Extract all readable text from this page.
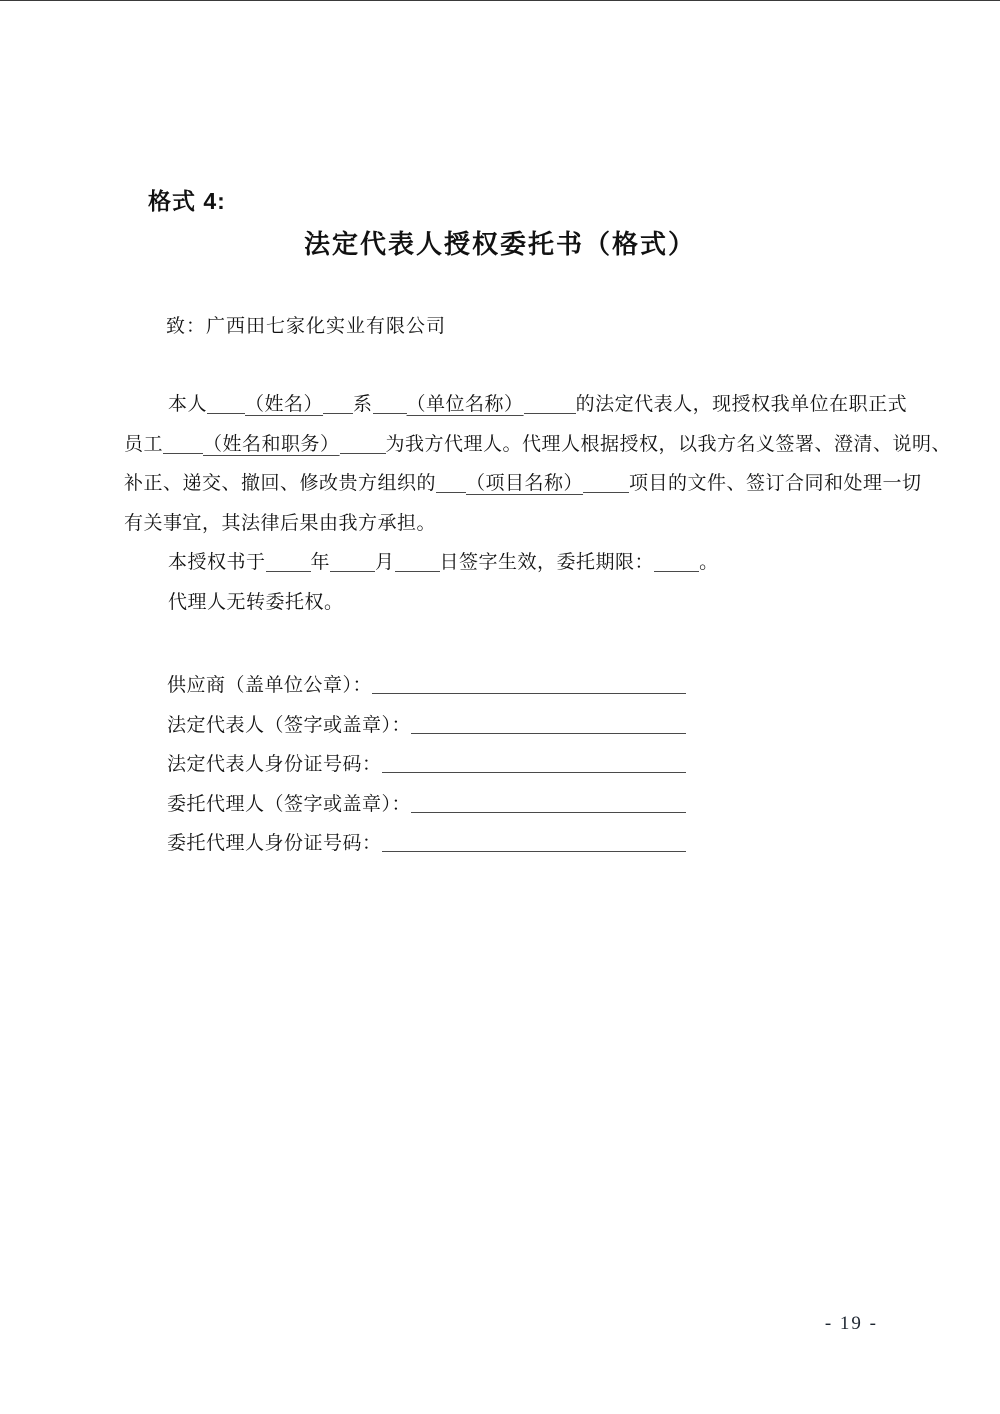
格式 4:
法定代表人授权委托书（格式）
致：广西田七家化实业有限公司
本人 （姓名） 系 （单位名称）	的法定代表人，现授权我单位在职正式
员工 （姓名和职务） 为我方代理人。代理人根据授权，以我方名义签署、澄清、说明、
补正、递交、撤回、修改贵方组织的 （项目名称） 项目的文件、签订合同和处理一切
有关事宜，其法律后果由我方承担。
本授权书于 年 月 日签字生效，委托期限： 。
代理人无转委托权。
供应商（盖单位公章）：
法定代表人（签字或盖章）：
法定代表人身份证号码：
委托代理人（签字或盖章）：
委托代理人身份证号码：
- 19 -
